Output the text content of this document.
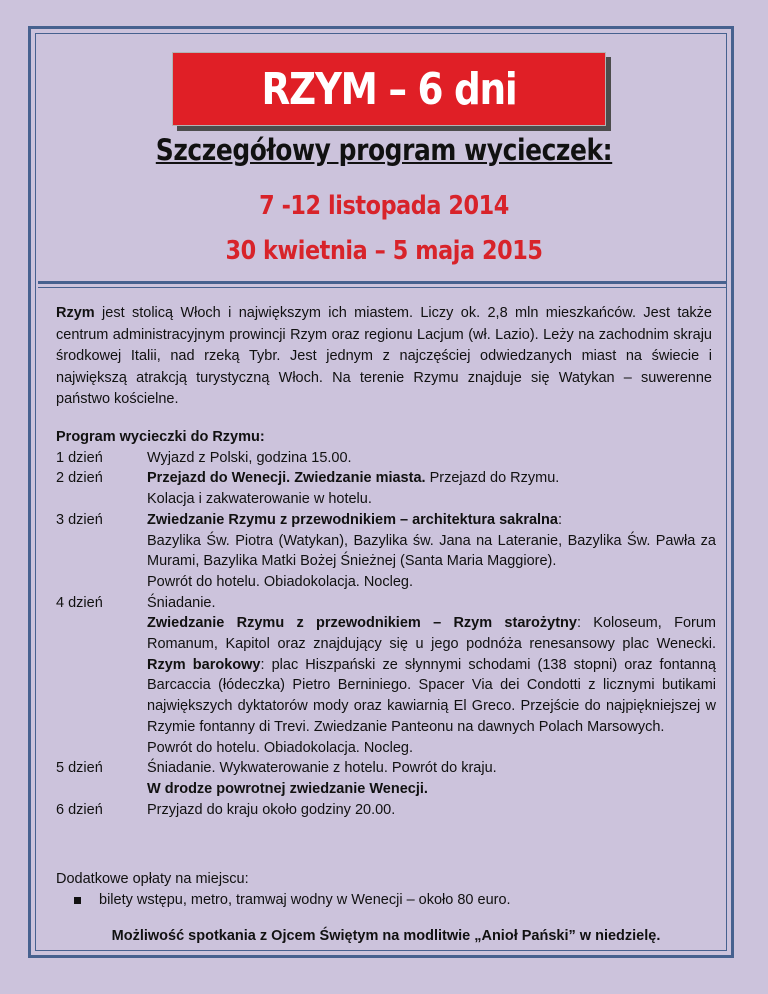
RZYM – 6 dni
Szczegółowy program wycieczek:
7 -12 listopada 2014
30 kwietnia – 5 maja 2015

Rzym jest stolicą Włoch i największym ich miastem. Liczy ok. 2,8 mln mieszkańców. Jest także centrum administracyjnym prowincji Rzym oraz regionu Lacjum (wł. Lazio). Leży na zachodnim skraju środkowej Italii, nad rzeką Tybr. Jest jednym z najczęściej odwiedzanych miast na świecie i największą atrakcją turystyczną Włoch. Na terenie Rzymu znajduje się Watykan – suwerenne państwo kościelne.

Program wycieczki do Rzymu:
1 dzień	Wyjazd z Polski, godzina 15.00.

2 dzień	Przejazd do Wenecji. Zwiedzanie miasta. Przejazd do Rzymu.

Kolacja i zakwaterowanie w hotelu.

3 dzień	Zwiedzanie Rzymu z przewodnikiem – architektura sakralna:

Bazylika Św. Piotra (Watykan), Bazylika św. Jana na Lateranie, Bazylika Św. Pawła za Murami, Bazylika Matki Bożej Śnieżnej (Santa Maria Maggiore).

Powrót do hotelu. Obiadokolacja. Nocleg.

4 dzień	Śniadanie.

Zwiedzanie Rzymu z przewodnikiem – Rzym starożytny: Koloseum, Forum Romanum, Kapitol oraz znajdujący się u jego podnóża renesansowy plac Wenecki. Rzym barokowy: plac Hiszpański ze słynnymi schodami (138 stopni) oraz fontanną Barcaccia (łódeczka) Pietro Berniniego. Spacer Via dei Condotti z licznymi butikami największych dyktatorów mody oraz kawiarnią El Greco. Przejście do najpiękniejszej w Rzymie fontanny di Trevi. Zwiedzanie Panteonu na dawnych Polach Marsowych.

Powrót do hotelu. Obiadokolacja. Nocleg.

5 dzień	Śniadanie. Wykwaterowanie z hotelu. Powrót do kraju.

W drodze powrotnej zwiedzanie Wenecji.

6 dzień	Przyjazd do kraju około godziny 20.00.

Dodatkowe opłaty na miejscu:
bilety wstępu, metro, tramwaj wodny w Wenecji – około 80 euro.
Możliwość spotkania z Ojcem Świętym na modlitwie „Anioł Pański” w niedzielę.
